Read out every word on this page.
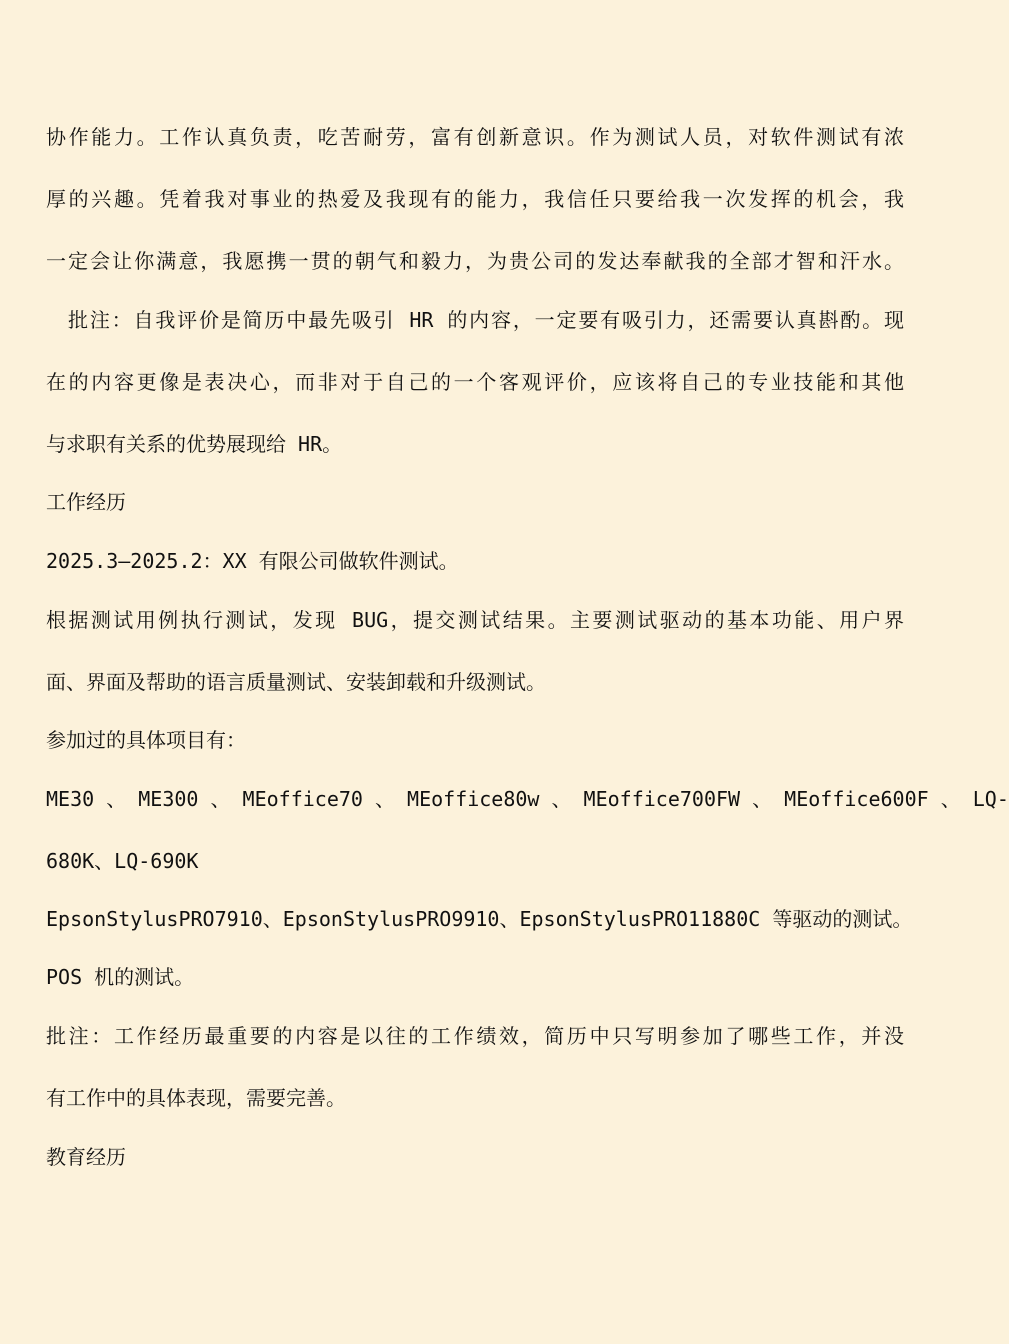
协作能力。工作认真负责，吃苦耐劳，富有创新意识。作为测试人员，对软件测试有浓
厚的兴趣。凭着我对事业的热爱及我现有的能力，我信任只要给我一次发挥的机会，我
一定会让你满意，我愿携一贯的朝气和毅力，为贵公司的发达奉献我的全部才智和汗水。
批注：自我评价是简历中最先吸引 HR 的内容，一定要有吸引力，还需要认真斟酌。现
在的内容更像是表决心，而非对于自己的一个客观评价，应该将自己的专业技能和其他
与求职有关系的优势展现给 HR。
工作经历
2025.3—2025.2：XX 有限公司做软件测试。
根据测试用例执行测试，发现 BUG，提交测试结果。主要测试驱动的基本功能、用户界
面、界面及帮助的语言质量测试、安装卸载和升级测试。
参加过的具体项目有：
ME30 、 ME300 、 MEoffice70 、 MEoffice80w 、 MEoffice700FW 、 MEoffice600F 、 LQ-
680K、LQ-690K
EpsonStylusPRO7910、EpsonStylusPRO9910、EpsonStylusPRO11880C 等驱动的测试。
POS 机的测试。
批注：工作经历最重要的内容是以往的工作绩效，简历中只写明参加了哪些工作，并没
有工作中的具体表现，需要完善。
教育经历
